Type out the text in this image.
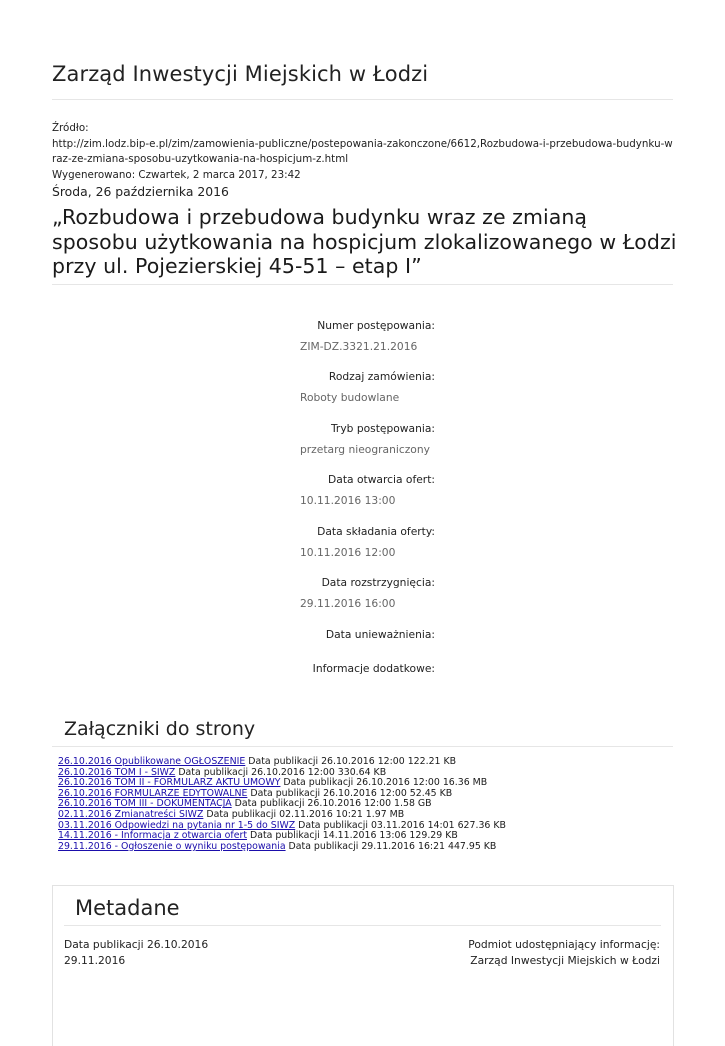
Zarząd Inwestycji Miejskich w Łodzi
Źródło:
http://zim.lodz.bip-e.pl/zim/zamowienia-publiczne/postepowania-zakonczone/6612,Rozbudowa-i-przebudowa-budynku-wraz-ze-zmiana-sposobu-uzytkowania-na-hospicjum-z.html
Wygenerowano: Czwartek, 2 marca 2017, 23:42
Środa, 26 października 2016
„Rozbudowa i przebudowa budynku wraz ze zmianą sposobu użytkowania na hospicjum zlokalizowanego w Łodzi przy ul. Pojezierskiej 45-51 – etap I”
Numer postępowania:
ZIM-DZ.3321.21.2016
Rodzaj zamówienia:
Roboty budowlane
Tryb postępowania:
przetarg nieograniczony
Data otwarcia ofert:
10.11.2016 13:00
Data składania oferty:
10.11.2016 12:00
Data rozstrzygnięcia:
29.11.2016 16:00
Data unieważnienia:
Informacje dodatkowe:
Załączniki do strony
26.10.2016 Opublikowane OGŁOSZENIE Data publikacji 26.10.2016 12:00 122.21 KB
26.10.2016 TOM I - SIWZ Data publikacji 26.10.2016 12:00 330.64 KB
26.10.2016 TOM II - FORMULARZ AKTU UMOWY Data publikacji 26.10.2016 12:00 16.36 MB
26.10.2016 FORMULARZE EDYTOWALNE Data publikacji 26.10.2016 12:00 52.45 KB
26.10.2016 TOM III - DOKUMENTACJA Data publikacji 26.10.2016 12:00 1.58 GB
02.11.2016 Zmianatreści SIWZ Data publikacji 02.11.2016 10:21 1.97 MB
03.11.2016 Odpowiedzi na pytania nr 1-5 do SIWZ Data publikacji 03.11.2016 14:01 627.36 KB
14.11.2016 - Informacja z otwarcia ofert Data publikacji 14.11.2016 13:06 129.29 KB
29.11.2016 - Ogłoszenie o wyniku postępowania Data publikacji 29.11.2016 16:21 447.95 KB
Metadane
Data publikacji 26.10.2016
29.11.2016
Podmiot udostępniający informację:
Zarząd Inwestycji Miejskich w Łodzi
